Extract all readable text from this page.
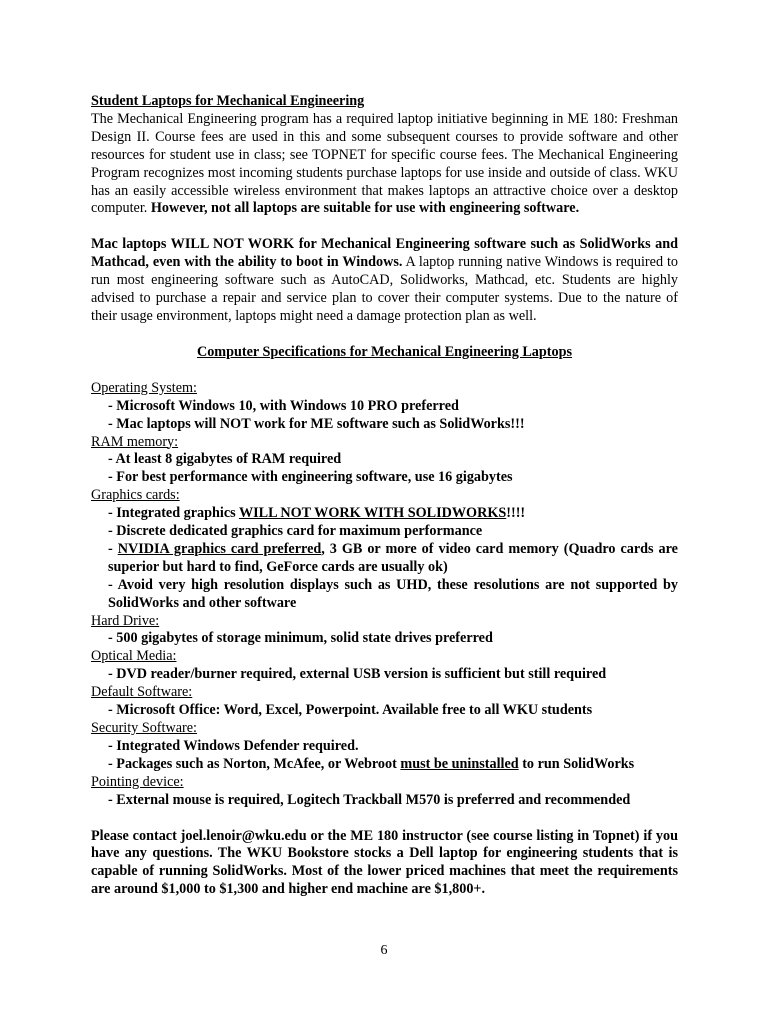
Student Laptops for Mechanical Engineering

The Mechanical Engineering program has a required laptop initiative beginning in ME 180: Freshman Design II. Course fees are used in this and some subsequent courses to provide software and other resources for student use in class; see TOPNET for specific course fees. The Mechanical Engineering Program recognizes most incoming students purchase laptops for use inside and outside of class. WKU has an easily accessible wireless environment that makes laptops an attractive choice over a desktop computer. However, not all laptops are suitable for use with engineering software.

Mac laptops WILL NOT WORK for Mechanical Engineering software such as SolidWorks and Mathcad, even with the ability to boot in Windows. A laptop running native Windows is required to run most engineering software such as AutoCAD, Solidworks, Mathcad, etc. Students are highly advised to purchase a repair and service plan to cover their computer systems. Due to the nature of their usage environment, laptops might need a damage protection plan as well.

Computer Specifications for Mechanical Engineering Laptops

Operating System:

- Microsoft Windows 10, with Windows 10 PRO preferred

- Mac laptops will NOT work for ME software such as SolidWorks!!!

RAM memory:

- At least 8 gigabytes of RAM required

- For best performance with engineering software, use 16 gigabytes

Graphics cards:

- Integrated graphics WILL NOT WORK WITH SOLIDWORKS!!!!

- Discrete dedicated graphics card for maximum performance

- NVIDIA graphics card preferred, 3 GB or more of video card memory (Quadro cards are superior but hard to find, GeForce cards are usually ok)

- Avoid very high resolution displays such as UHD, these resolutions are not supported by SolidWorks and other software

Hard Drive:

- 500 gigabytes of storage minimum, solid state drives preferred

Optical Media:

- DVD reader/burner required, external USB version is sufficient but still required

Default Software:

- Microsoft Office: Word, Excel, Powerpoint. Available free to all WKU students

Security Software:

- Integrated Windows Defender required.

- Packages such as Norton, McAfee, or Webroot must be uninstalled to run SolidWorks

Pointing device:

- External mouse is required, Logitech Trackball M570 is preferred and recommended

Please contact joel.lenoir@wku.edu or the ME 180 instructor (see course listing in Topnet) if you have any questions. The WKU Bookstore stocks a Dell laptop for engineering students that is capable of running SolidWorks. Most of the lower priced machines that meet the requirements are around $1,000 to $1,300 and higher end machine are $1,800+.

6
